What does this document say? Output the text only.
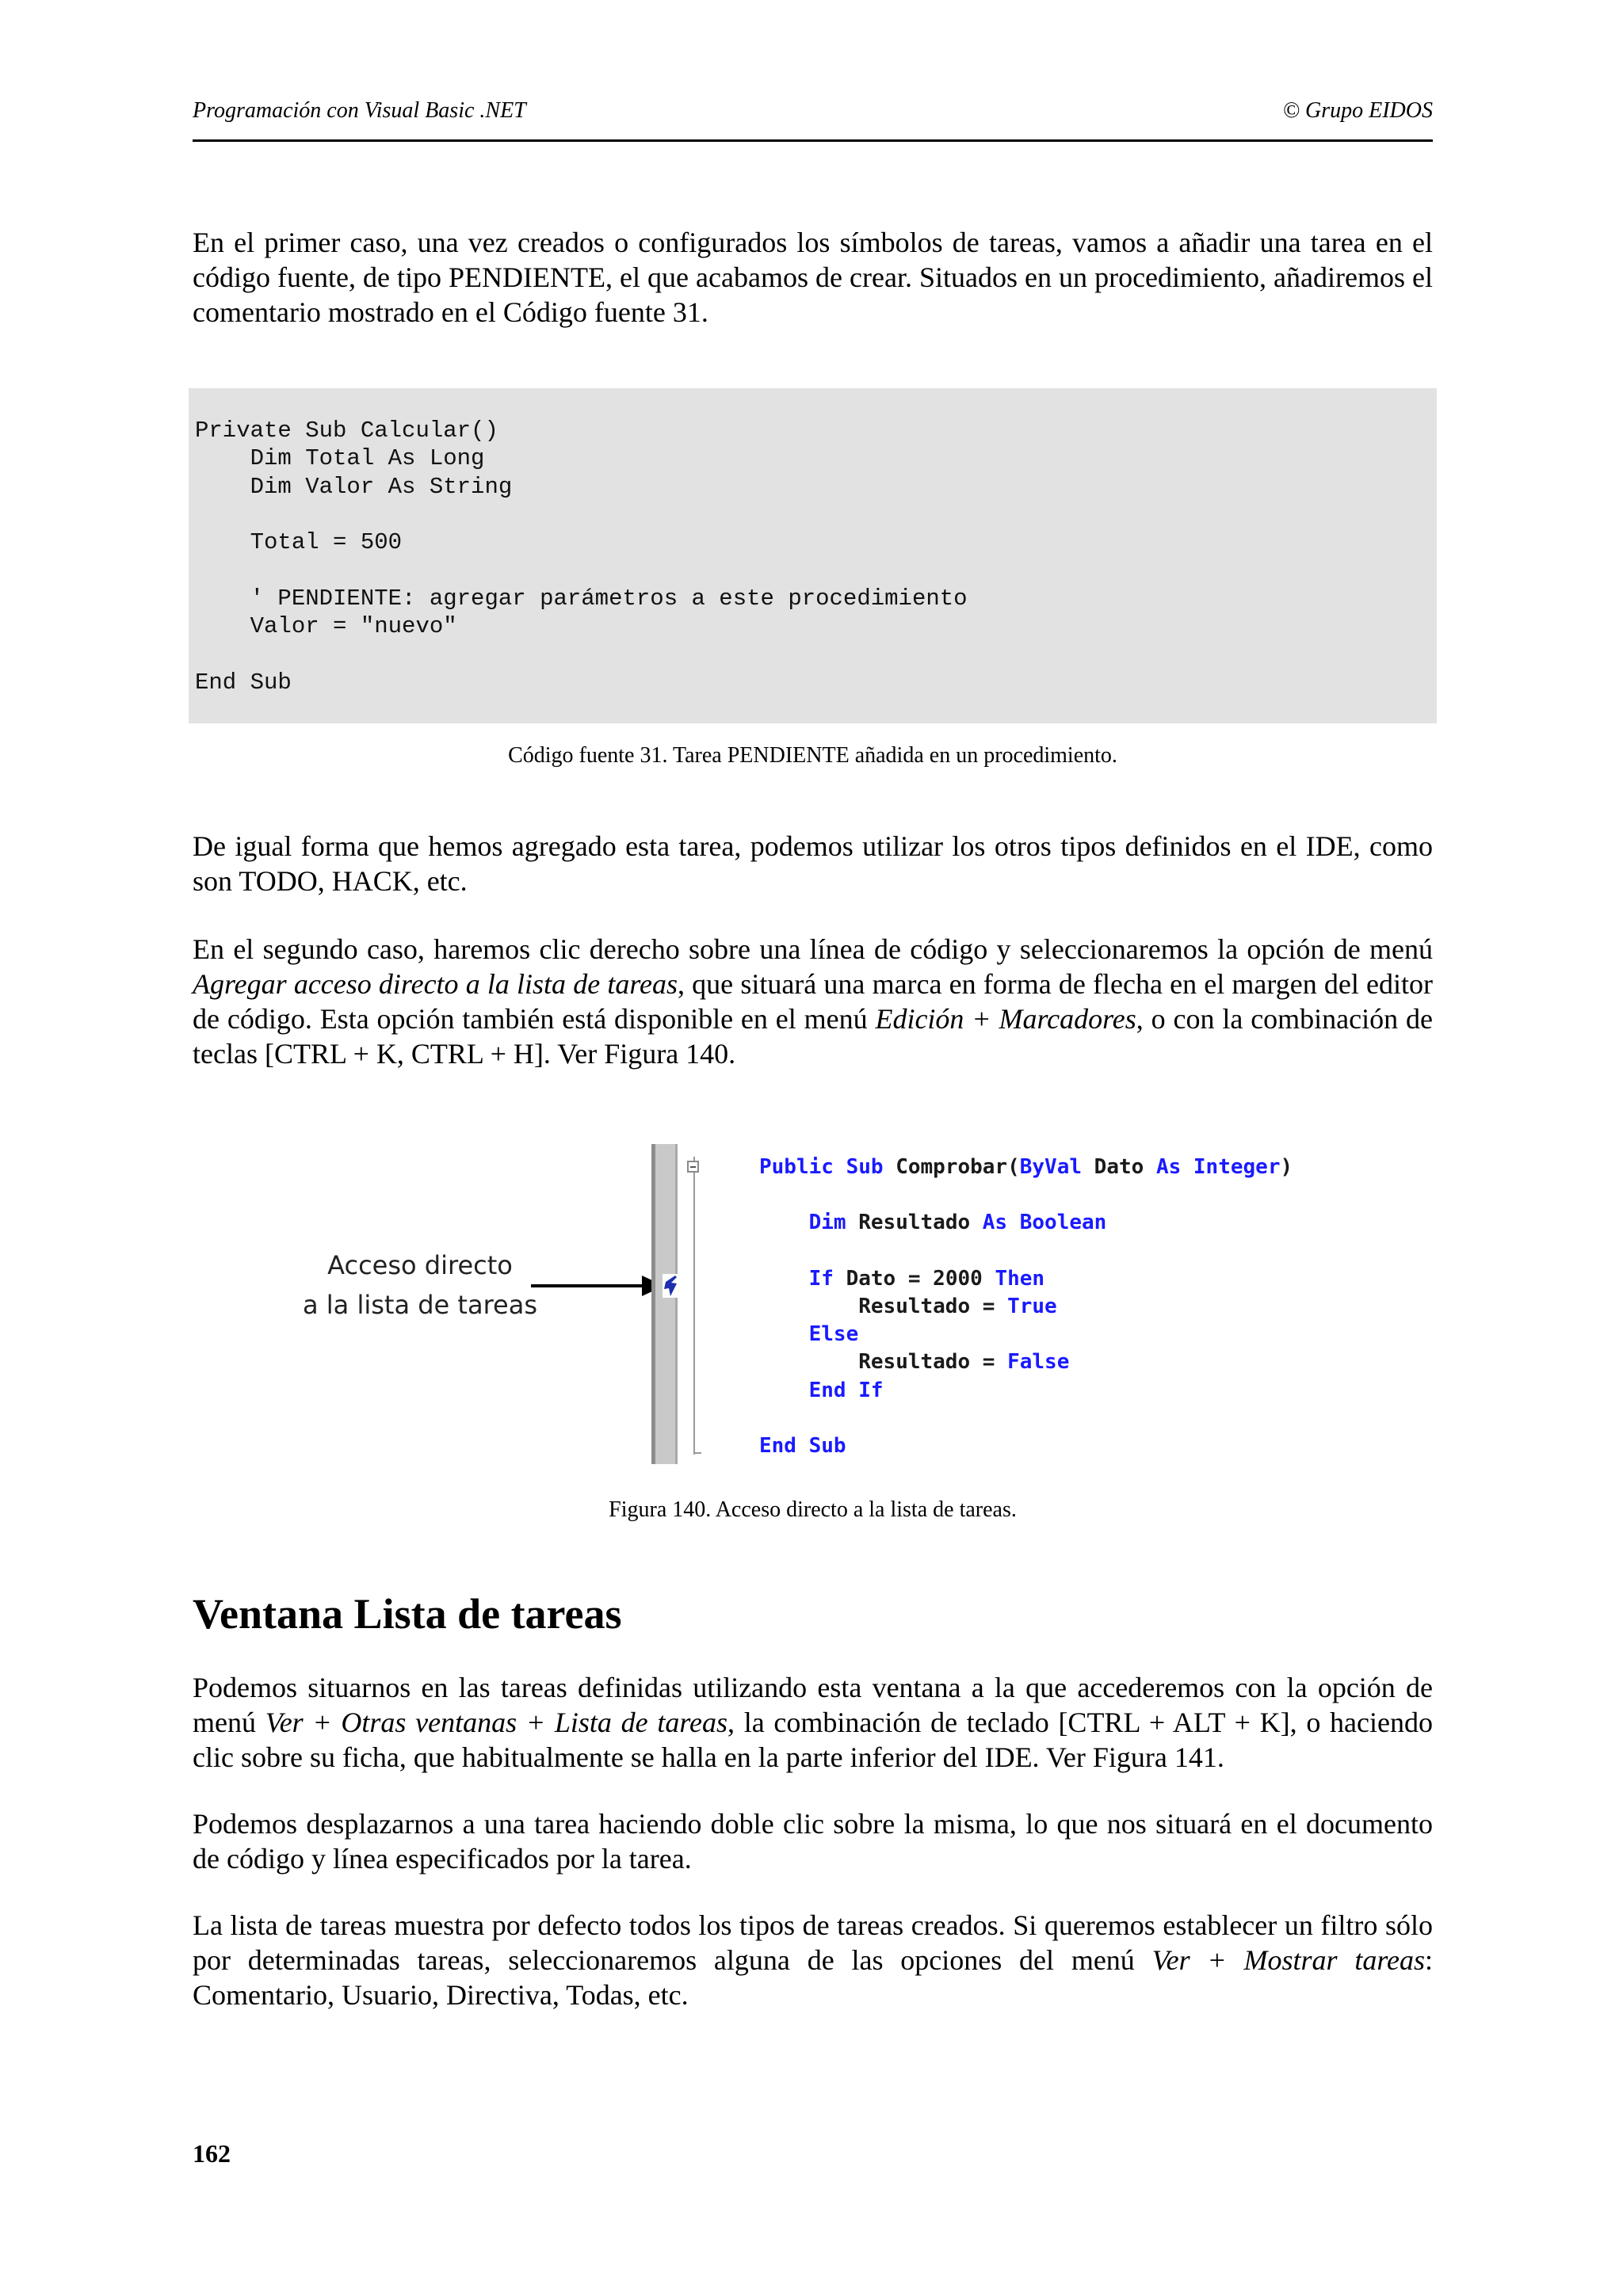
Programación con Visual Basic .NET	© Grupo EIDOS

En el primer caso, una vez creados o configurados los símbolos de tareas, vamos a añadir una tarea en el código fuente, de tipo PENDIENTE, el que acabamos de crear. Situados en un procedimiento, añadiremos el comentario mostrado en el Código fuente 31.

Private Sub Calcular()
Dim Total As Long
Dim Valor As String

Total = 500

' PENDIENTE: agregar parámetros a este procedimiento
Valor = "nuevo"

End Sub

Código fuente 31. Tarea PENDIENTE añadida en un procedimiento.

De igual forma que hemos agregado esta tarea, podemos utilizar los otros tipos definidos en el IDE, como son TODO, HACK, etc.

En el segundo caso, haremos clic derecho sobre una línea de código y seleccionaremos la opción de menú Agregar acceso directo a la lista de tareas, que situará una marca en forma de flecha en el margen del editor de código. Esta opción también está disponible en el menú Edición + Marcadores, o con la combinación de teclas [CTRL + K, CTRL + H]. Ver Figura 140.

Acceso directo
a la lista de tareas
Public Sub Comprobar(ByVal Dato As Integer)

Dim Resultado As Boolean

If Dato = 2000 Then
Resultado = True
Else
Resultado = False
End If

End Sub

Figura 140. Acceso directo a la lista de tareas.

Ventana Lista de tareas

Podemos situarnos en las tareas definidas utilizando esta ventana a la que accederemos con la opción de menú Ver + Otras ventanas + Lista de tareas, la combinación de teclado [CTRL + ALT + K], o haciendo clic sobre su ficha, que habitualmente se halla en la parte inferior del IDE. Ver Figura 141.

Podemos desplazarnos a una tarea haciendo doble clic sobre la misma, lo que nos situará en el documento de código y línea especificados por la tarea.

La lista de tareas muestra por defecto todos los tipos de tareas creados. Si queremos establecer un filtro sólo por determinadas tareas, seleccionaremos alguna de las opciones del menú Ver + Mostrar tareas: Comentario, Usuario, Directiva, Todas, etc.

162
